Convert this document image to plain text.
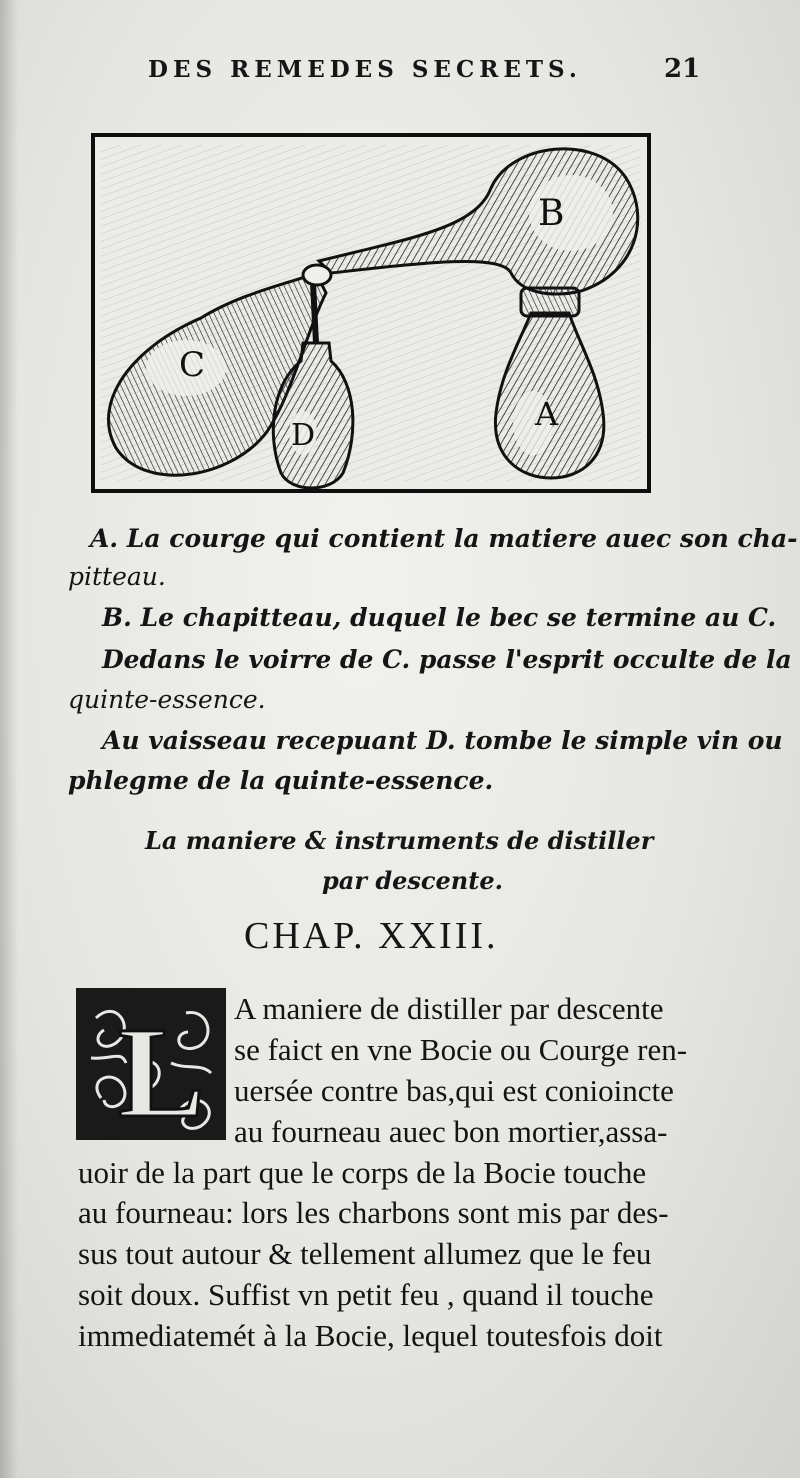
DES REMEDES SECRETS.	21
B
C
D
A
A. La courge qui contient la matiere auec son cha-
pitteau.
B. Le chapitteau, duquel le bec se termine au C.
Dedans le voirre de C. passe l'esprit occulte de la
quinte-essence.
Au vaisseau recepuant D. tombe le simple vin ou
phlegme de la quinte-essence.
La maniere & instruments de distiller
par descente.
CHAP. XXIII.
L A maniere de distiller par descente
se faict en vne Bocie ou Courge ren-
uersée contre bas,qui est conioincte
au fourneau auec bon mortier,assa-
uoir de la part que le corps de la Bocie touche
au fourneau: lors les charbons sont mis par des-
sus tout autour & tellement allumez que le feu
soit doux. Suffist vn petit feu , quand il touche
immediatemét à la Bocie, lequel toutesfois doit
